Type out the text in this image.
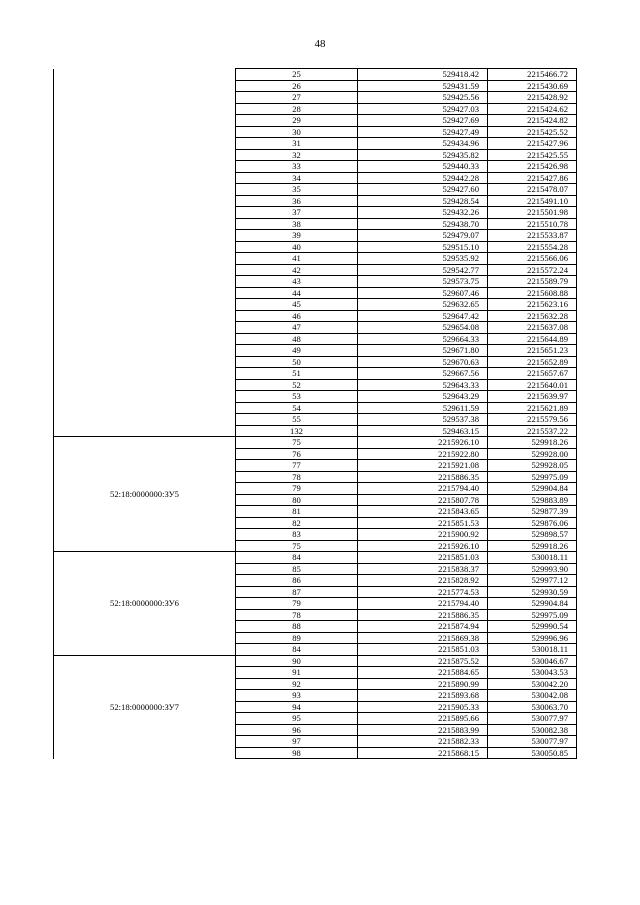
48
	25	529418.42	2215466.72
	26	529431.59	2215430.69
	27	529425.56	2215428.92
	28	529427.03	2215424.62
	29	529427.69	2215424.82
	30	529427.49	2215425.52
	31	529434.96	2215427.96
	32	529435.82	2215425.55
	33	529440.33	2215426.98
	34	529442.28	2215427.86
	35	529427.60	2215478.07
	36	529428.54	2215491.10
	37	529432.26	2215501.98
	38	529438.70	2215510.78
	39	529479.07	2215533.87
	40	529515.10	2215554.28
	41	529535.92	2215566.06
	42	529542.77	2215572.24
	43	529573.75	2215589.79
	44	529607.46	2215608.88
	45	529632.65	2215623.16
	46	529647.42	2215632.28
	47	529654.08	2215637.08
	48	529664.33	2215644.89
	49	529671.80	2215651.23
	50	529670.63	2215652.89
	51	529667.56	2215657.67
	52	529643.33	2215640.01
	53	529643.29	2215639.97
	54	529611.59	2215621.89
	55	529537.38	2215579.56
	132	529463.15	2215537.22
52:18:0000000:ЗУ5	75	2215926.10	529918.26
	76	2215922.80	529928.00
	77	2215921.08	529928.05
	78	2215886.35	529975.09
	79	2215794.40	529904.84
	80	2215807.78	529883.89
	81	2215843.65	529877.39
	82	2215851.53	529876.06
	83	2215900.92	529898.57
	75	2215926.10	529918.26
52:18:0000000:ЗУ6	84	2215851.03	530018.11
	85	2215838.37	529993.90
	86	2215828.92	529977.12
	87	2215774.53	529930.59
	79	2215794.40	529904.84
	78	2215886.35	529975.09
	88	2215874.94	529990.54
	89	2215869.38	529996.96
	84	2215851.03	530018.11
52:18:0000000:ЗУ7	90	2215875.52	530046.67
	91	2215884.65	530043.53
	92	2215890.99	530042.20
	93	2215893.68	530042.08
	94	2215905.33	530063.70
	95	2215895.66	530077.97
	96	2215883.99	530082.38
	97	2215882.33	530077.97
	98	2215868.15	530050.85
